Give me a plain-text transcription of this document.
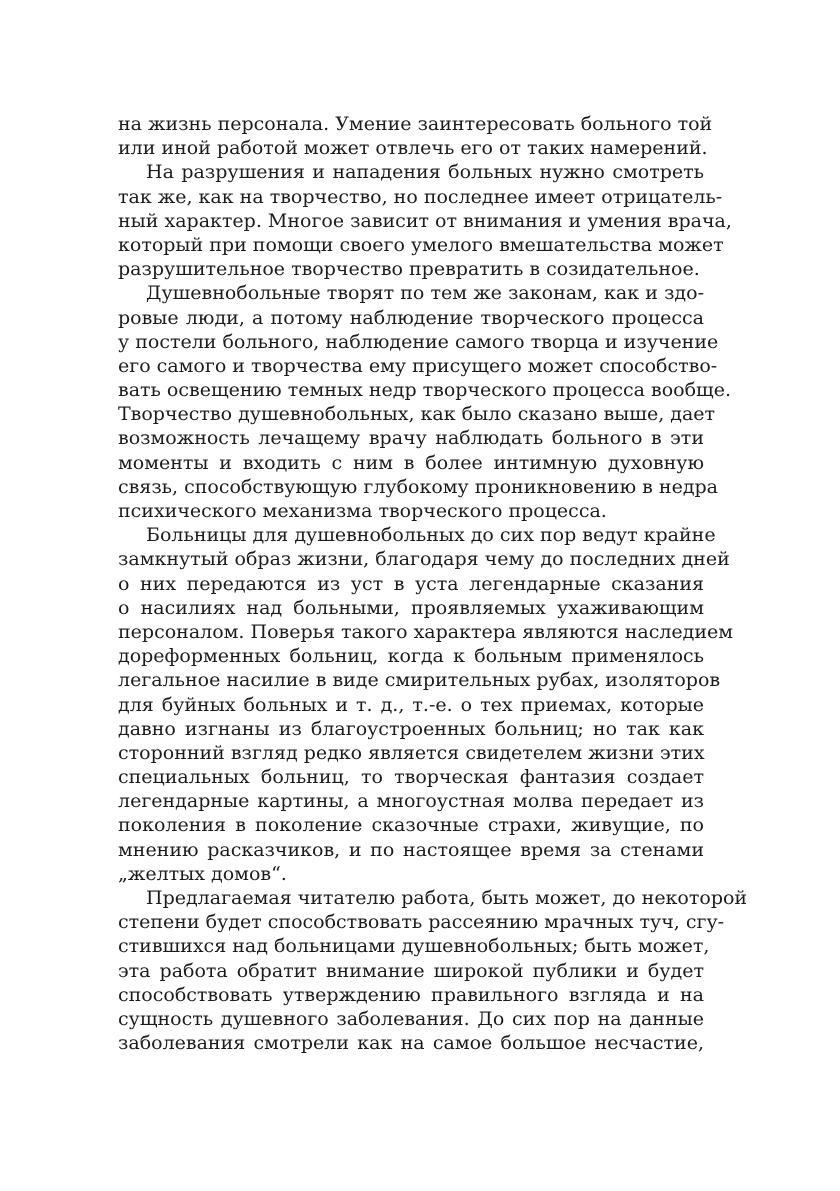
на жизнь персонала. Умение заинтересовать больного той
или иной работой может отвлечь его от таких намерений.
На разрушения и нападения больных нужно смотреть
так же, как на творчество, но последнее имеет отрицатель-
ный характер. Многое зависит от внимания и умения врача,
который при помощи своего умелого вмешательства может
разрушительное творчество превратить в созидательное.
Душевнобольные творят по тем же законам, как и здо-
ровые люди, а потому наблюдение творческого процесса
у постели больного, наблюдение самого творца и изучение
его самого и творчества ему присущего может способство-
вать освещению темных недр творческого процесса вообще.
Творчество душевнобольных, как было сказано выше, дает
возможность лечащему врачу наблюдать больного в эти
моменты и входить с ним в более интимную духовную
связь, способствующую глубокому проникновению в недра
психического механизма творческого процесса.
Больницы для душевнобольных до сих пор ведут крайне
замкнутый образ жизни, благодаря чему до последних дней
о них передаются из уст в уста легендарные сказания
о насилиях над больными, проявляемых ухаживающим
персоналом. Поверья такого характера являются наследием
дореформенных больниц, когда к больным применялось
легальное насилие в виде смирительных рубах, изоляторов
для буйных больных и т. д., т.-е. о тех приемах, которые
давно изгнаны из благоустроенных больниц; но так как
сторонний взгляд редко является свидетелем жизни этих
специальных больниц, то творческая фантазия создает
легендарные картины, а многоустная молва передает из
поколения в поколение сказочные страхи, живущие, по
мнению расказчиков, и по настоящее время за стенами
„желтых домов“.
Предлагаемая читателю работа, быть может, до некоторой
степени будет способствовать рассеянию мрачных туч, сгу-
стившихся над больницами душевнобольных; быть может,
эта работа обратит внимание широкой публики и будет
способствовать утверждению правильного взгляда и на
сущность душевного заболевания. До сих пор на данные
заболевания смотрели как на самое большое несчастие,
